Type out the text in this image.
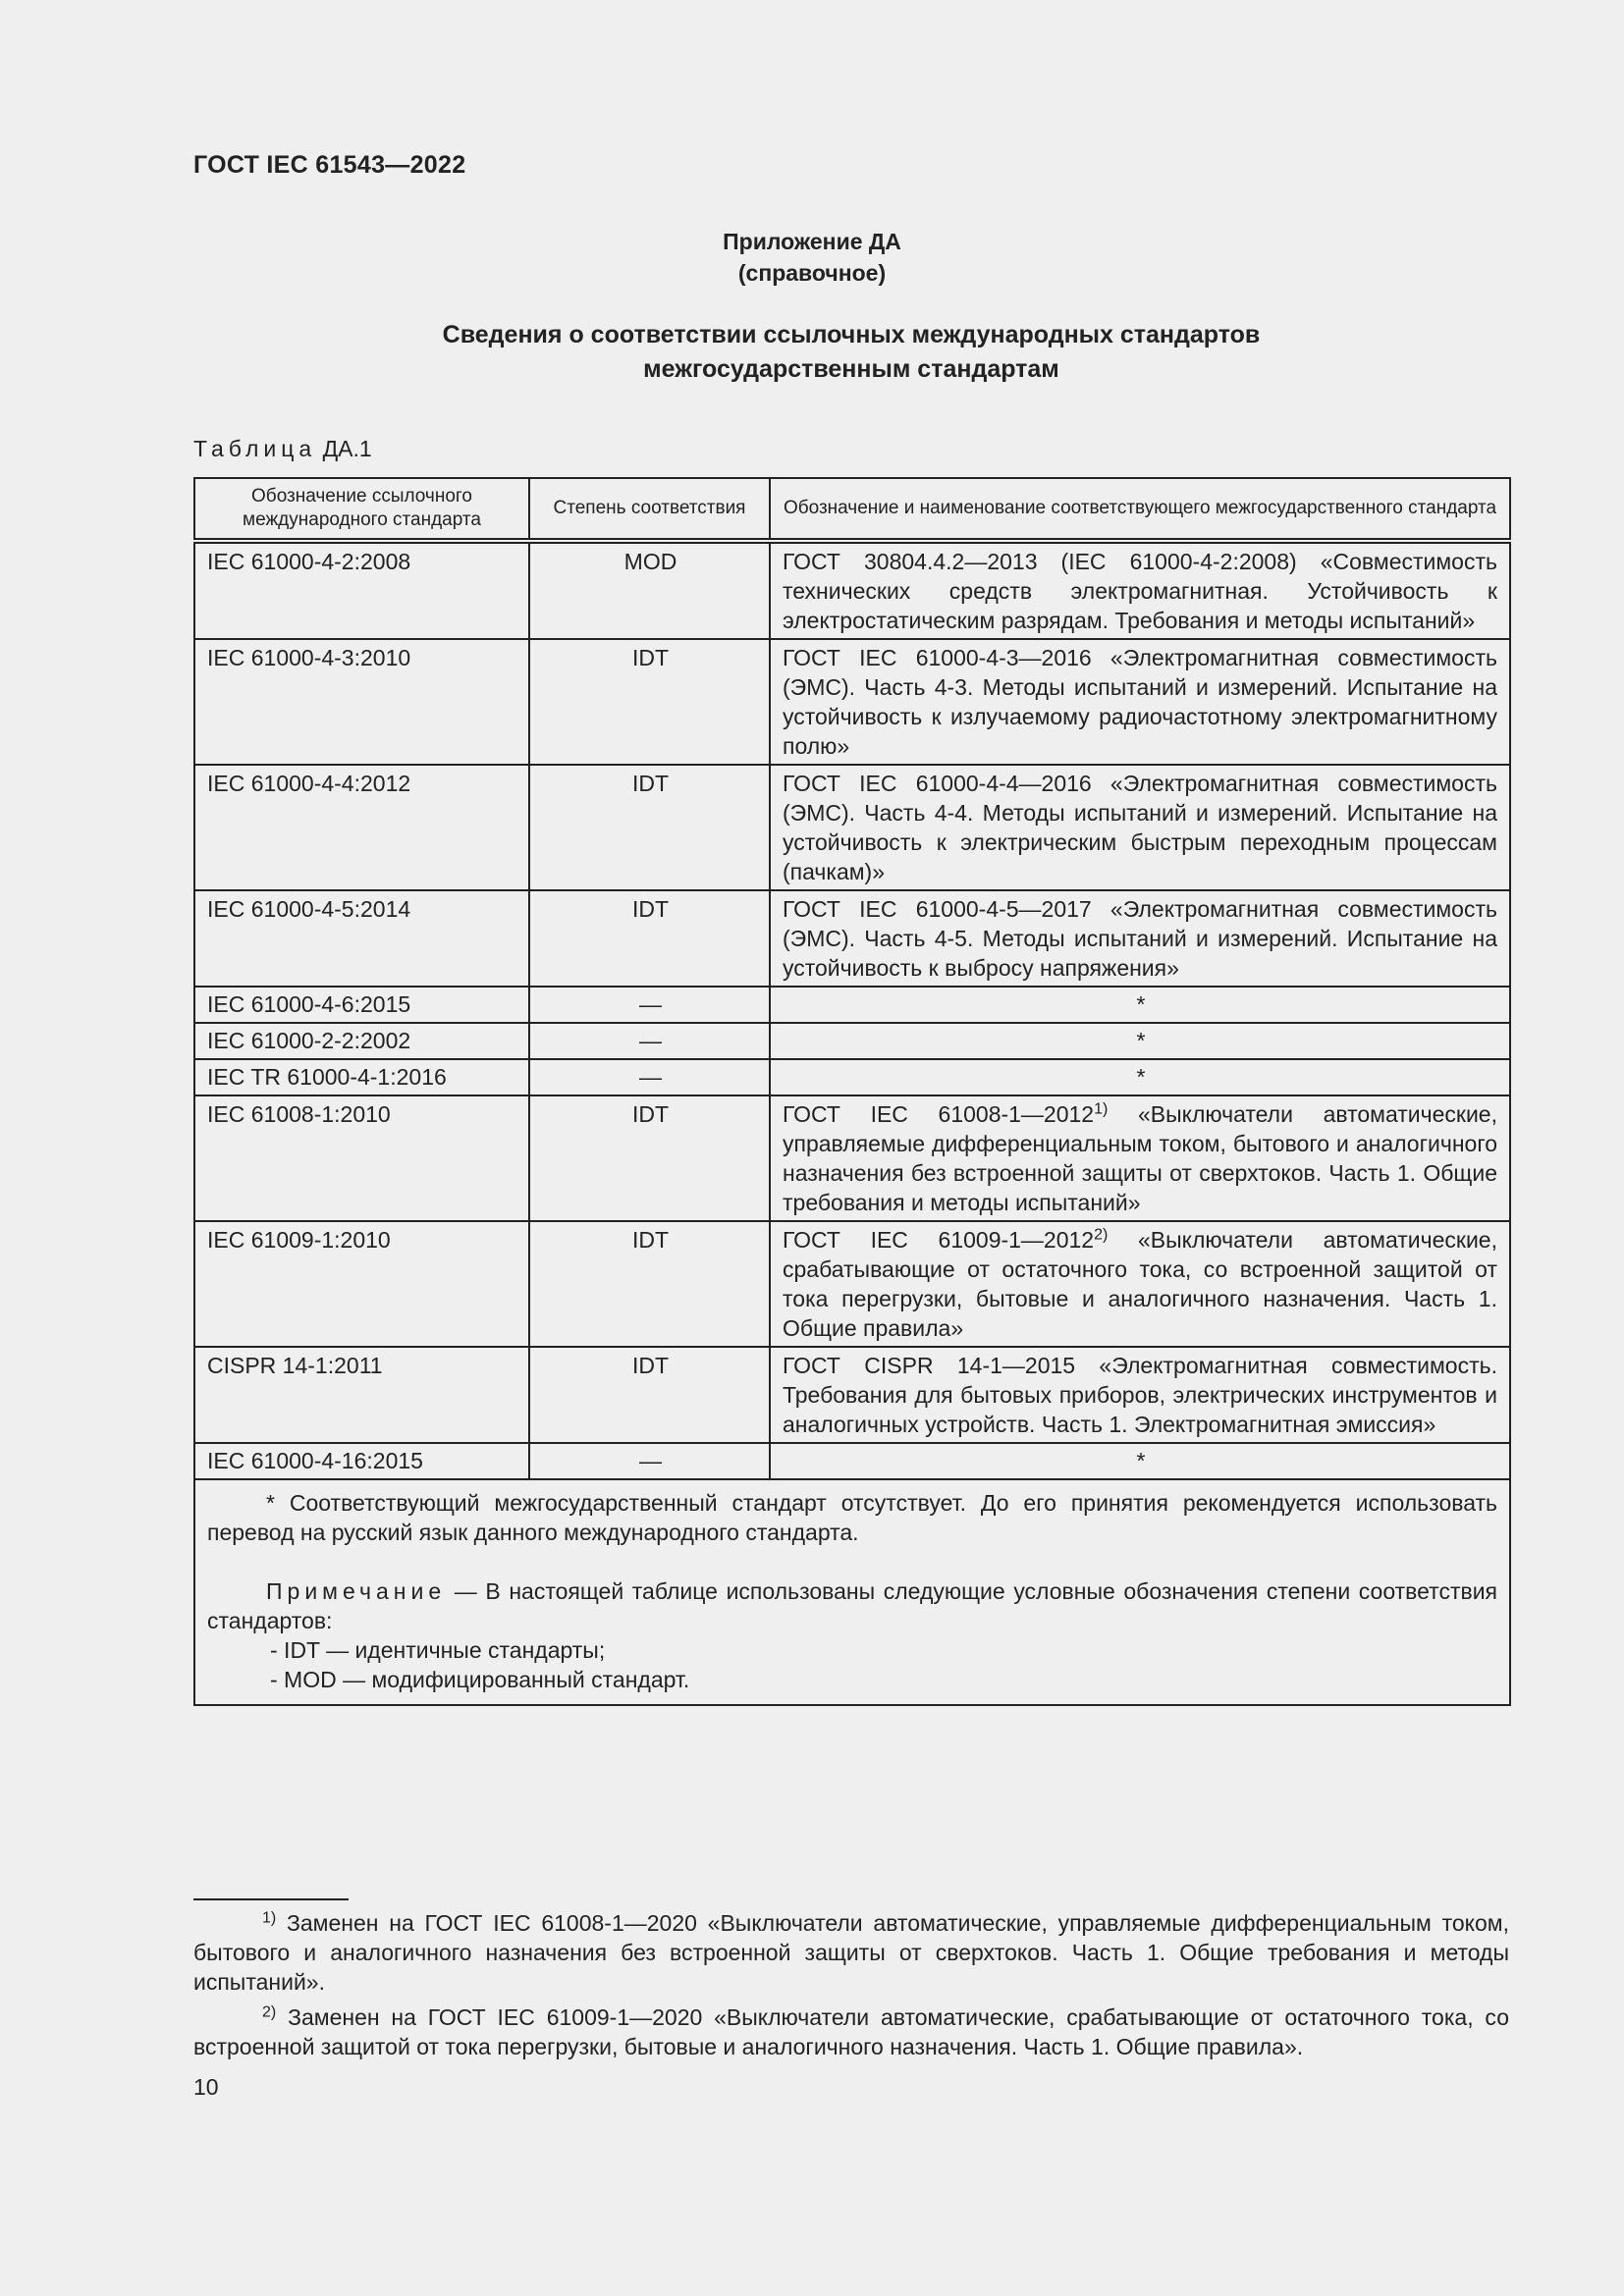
ГОСТ IEC 61543—2022
Приложение ДА
(справочное)
Сведения о соответствии ссылочных международных стандартов
межгосударственным стандартам
Таблица ДА.1
Обозначение ссылочного международного стандарта	Степень соответствия	Обозначение и наименование соответствующего межгосударственного стандарта
IEC 61000-4-2:2008	MOD	ГОСТ 30804.4.2—2013 (IEC 61000-4-2:2008) «Совместимость технических средств электромагнитная. Устойчивость к электростатическим разрядам. Требования и методы испытаний»
IEC 61000-4-3:2010	IDT	ГОСТ IEC 61000-4-3—2016 «Электромагнитная совместимость (ЭМС). Часть 4-3. Методы испытаний и измерений. Испытание на устойчивость к излучаемому радиочастотному электромагнитному полю»
IEC 61000-4-4:2012	IDT	ГОСТ IEC 61000-4-4—2016 «Электромагнитная совместимость (ЭМС). Часть 4-4. Методы испытаний и измерений. Испытание на устойчивость к электрическим быстрым переходным процессам (пачкам)»
IEC 61000-4-5:2014	IDT	ГОСТ IEC 61000-4-5—2017 «Электромагнитная совместимость (ЭМС). Часть 4-5. Методы испытаний и измерений. Испытание на устойчивость к выбросу напряжения»
IEC 61000-4-6:2015	—	*
IEC 61000-2-2:2002	—	*
IEC TR 61000-4-1:2016	—	*
IEC 61008-1:2010	IDT	ГОСТ IEC 61008-1—2012$^{1)}$ «Выключатели автоматические, управляемые дифференциальным током, бытового и аналогичного назначения без встроенной защиты от сверхтоков. Часть 1. Общие требования и методы испытаний»
IEC 61009-1:2010	IDT	ГОСТ IEC 61009-1—2012$^{2)}$ «Выключатели автоматические, срабатывающие от остаточного тока, со встроенной защитой от тока перегрузки, бытовые и аналогичного назначения. Часть 1. Общие правила»
CISPR 14-1:2011	IDT	ГОСТ CISPR 14-1—2015 «Электромагнитная совместимость. Требования для бытовых приборов, электрических инструментов и аналогичных устройств. Часть 1. Электромагнитная эмиссия»
IEC 61000-4-16:2015	—	*

* Соответствующий межгосударственный стандарт отсутствует. До его принятия рекомендуется использовать перевод на русский язык данного международного стандарта.

Примечание — В настоящей таблице использованы следующие условные обозначения степени соответствия стандартов:

- IDT — идентичные стандарты;

- MOD — модифицированный стандарт.		

$^{1)}$ Заменен на ГОСТ IEC 61008-1—2020 «Выключатели автоматические, управляемые дифференциальным током, бытового и аналогичного назначения без встроенной защиты от сверхтоков. Часть 1. Общие требования и методы испытаний».

$^{2)}$ Заменен на ГОСТ IEC 61009-1—2020 «Выключатели автоматические, срабатывающие от остаточного тока, со встроенной защитой от тока перегрузки, бытовые и аналогичного назначения. Часть 1. Общие правила».

10
